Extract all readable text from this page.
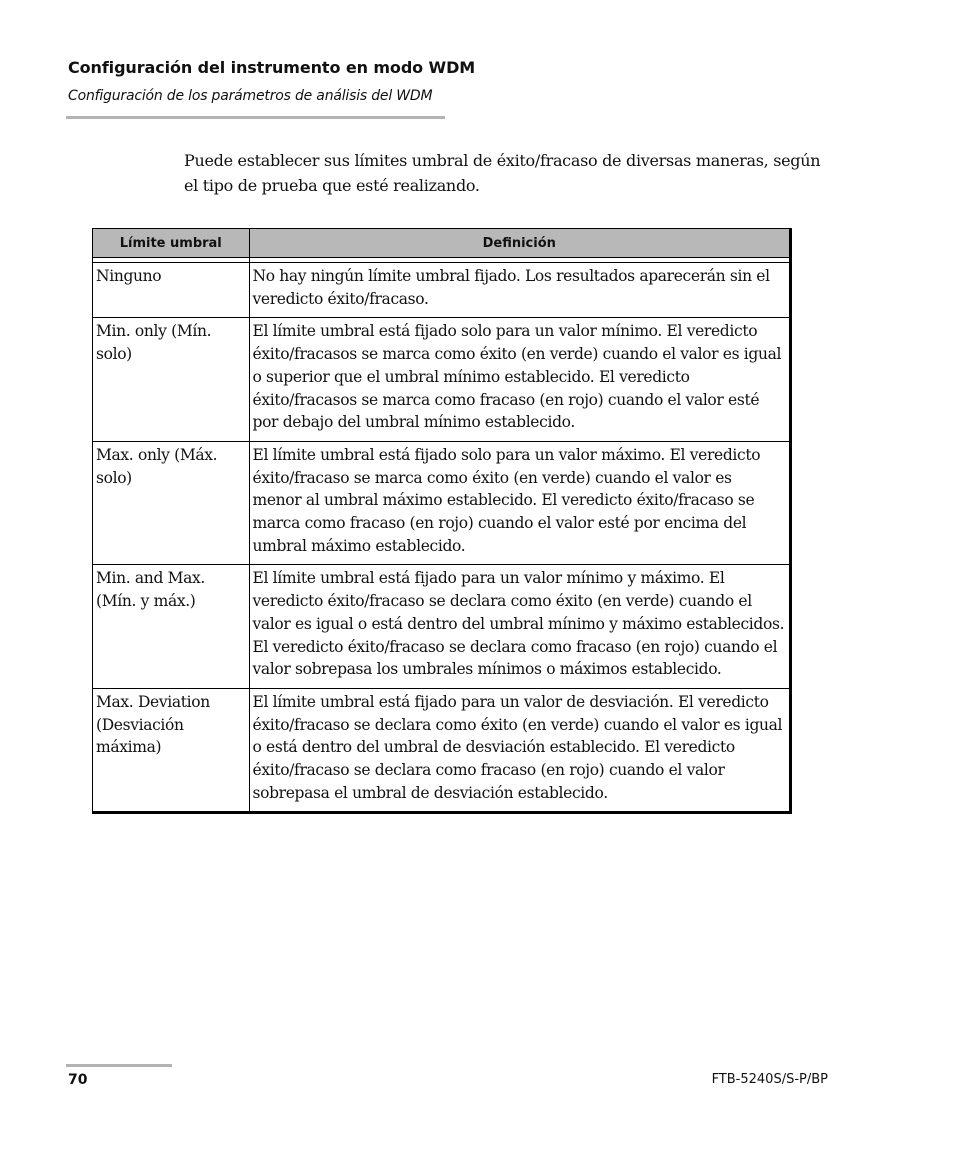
Configuración del instrumento en modo WDM
Configuración de los parámetros de análisis del WDM

Puede establecer sus límites umbral de éxito/fracaso de diversas maneras, según el tipo de prueba que esté realizando.

Límite umbral	Definición

Ninguno	No hay ningún límite umbral fijado. Los resultados aparecerán sin el veredicto éxito/fracaso.
Min. only (Mín. solo)	El límite umbral está fijado solo para un valor mínimo. El veredicto éxito/fracasos se marca como éxito (en verde) cuando el valor es igual o superior que el umbral mínimo establecido. El veredicto éxito/fracasos se marca como fracaso (en rojo) cuando el valor esté por debajo del umbral mínimo establecido.
Max. only (Máx. solo)	El límite umbral está fijado solo para un valor máximo. El veredicto éxito/fracaso se marca como éxito (en verde) cuando el valor es menor al umbral máximo establecido. El veredicto éxito/fracaso se marca como fracaso (en rojo) cuando el valor esté por encima del umbral máximo establecido.
Min. and Max. (Mín. y máx.)	El límite umbral está fijado para un valor mínimo y máximo. El veredicto éxito/fracaso se declara como éxito (en verde) cuando el valor es igual o está dentro del umbral mínimo y máximo establecidos. El veredicto éxito/fracaso se declara como fracaso (en rojo) cuando el valor sobrepasa los umbrales mínimos o máximos establecido.
Max. Deviation (Desviación máxima)	El límite umbral está fijado para un valor de desviación. El veredicto éxito/fracaso se declara como éxito (en verde) cuando el valor es igual o está dentro del umbral de desviación establecido. El veredicto éxito/fracaso se declara como fracaso (en rojo) cuando el valor sobrepasa el umbral de desviación establecido.
70	FTB-5240S/S-P/BP
